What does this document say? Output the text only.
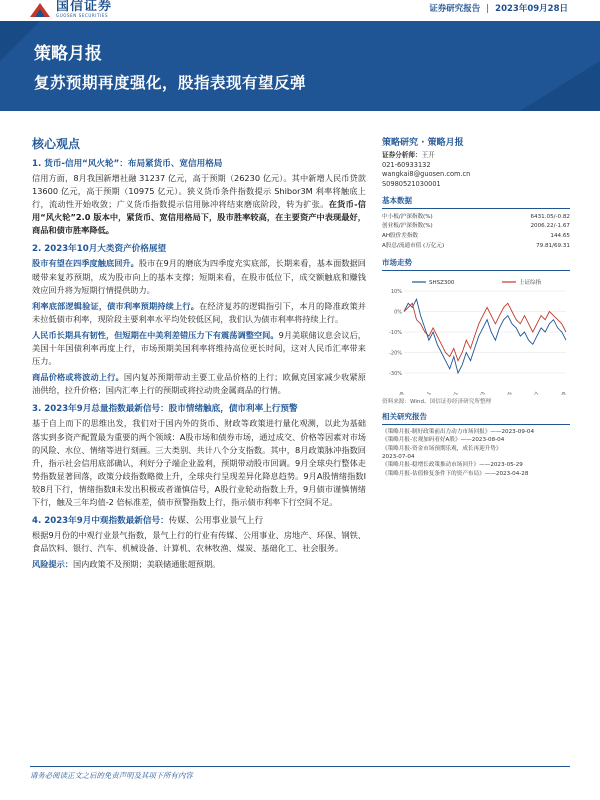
国信证券
GUOSEN SECURITIES
证券研究报告 | 2023年09月28日
策略月报
复苏预期再度强化，股指表现有望反弹
核心观点
1. 货币-信用“风火轮”：布局紧货币、宽信用格局
信用方面，8月我国新增社融 31237 亿元，高于预期（26230 亿元）。其中新增人民币贷款 13600 亿元，高于预期（10975 亿元）。狭义货币条件指数提示 Shibor3M 利率将触底上行，流动性开始收敛；广义货币指数提示信用脉冲将结束磨底阶段，转为扩张。在货币-信用“风火轮”2.0 版本中，紧货币、宽信用格局下，股市胜率较高，在主要资产中表现最好，商品和债市胜率降低。
2. 2023年10月大类资产价格展望
股市有望在四季度触底回升。股市在9月的磨底为四季度充实底部，长期来看，基本面数据回暖带来复苏预期，成为股市向上的基本支撑；短期来看，在股市低位下，成交额触底和赚钱效应回升将为短期行情提供助力。
利率底部逻辑验证，债市利率预期持续上行。在经济复苏的逻辑指引下，本月的降准政策并未拉低债市利率，现阶段主要利率水平均处较低区间，我们认为债市利率将持续上行。
人民币长期具有韧性，但短期在中美利差错压力下有震荡调整空间。9月美联储议息会议后，美国十年国债利率再度上行，市场预期美国利率将维持高位更长时间，这对人民币汇率带来压力。
商品价格或将波动上行。国内复苏预期带动主要工业品价格的上行；欧佩克国家减少收紧原油供给，拉升价格；国内汇率上行的预期或将拉动贵金属商品的行情。
3. 2023年9月总量指数最新信号：股市情绪触底，债市利率上行预警
基于自上而下的思维出发，我们对于国内外的货币、财政等政策进行量化观测，以此为基础落实到多资产配置最为重要的两个领域：A股市场和债券市场，通过成交、价格等因素对市场的风险、水位、情绪等进行刻画。三大类别、共计八个分支指数。其中，8月政策脉冲指数回升，指示社会信用底部确认，利好分子端企业盈利，预期带动股市回调。9月全球央行整体走势指数显著回落，政策分歧指数略微上升，全球央行呈现差异化降息趋势。9月A股情绪指数Ⅰ较8月下行，情绪指数Ⅱ未发出积极或者谨慎信号，A股行业轮动指数上升，9月债市谨慎情绪下行，触及三年均值-2 倍标准差，债市预警指数上行，指示债市利率下行空间不足。
4. 2023年9月中观指数最新信号：传媒、公用事业景气上行
根据9月份的中观行业景气指数，景气上行的行业有传媒、公用事业、房地产、环保、钢铁、食品饮料、银行、汽车、机械设备、计算机、农林牧渔、煤炭、基础化工、社会服务。
风险提示：国内政策不及预期；美联储通胀超预期。
策略研究 · 策略月报
证券分析师：王开
021-60933132
wangkai8@guosen.com.cn
S0980521030001
基本数据
中小板/沪深指数(%)	6431.05/-0.82
创业板/沪深指数(%)	2006.22/-1.67
AH股价差指数	144.65
A股总/流通市值 (万亿元)	79.81/69.31
市场走势
SHSZ300	上证综指
-30%
-20%
-10%
0%
10%
资料来源：Wind、国信证券经济研究所整理
相关研究报告
《策略月报-制好政策前出力动力市场回报》——2023-09-04
《策略月报-宏观加码看好A股》——2023-08-04
《策略月报-资金市场预期乐观，成长再迎升势》
2023-07-04
《策略月报-稳增长政策推动市场回升》——2023-05-29
《策略月报-估值修复条件下的资产布局》——2023-04-28
请务必阅读正文之后的免责声明及其项下所有内容
